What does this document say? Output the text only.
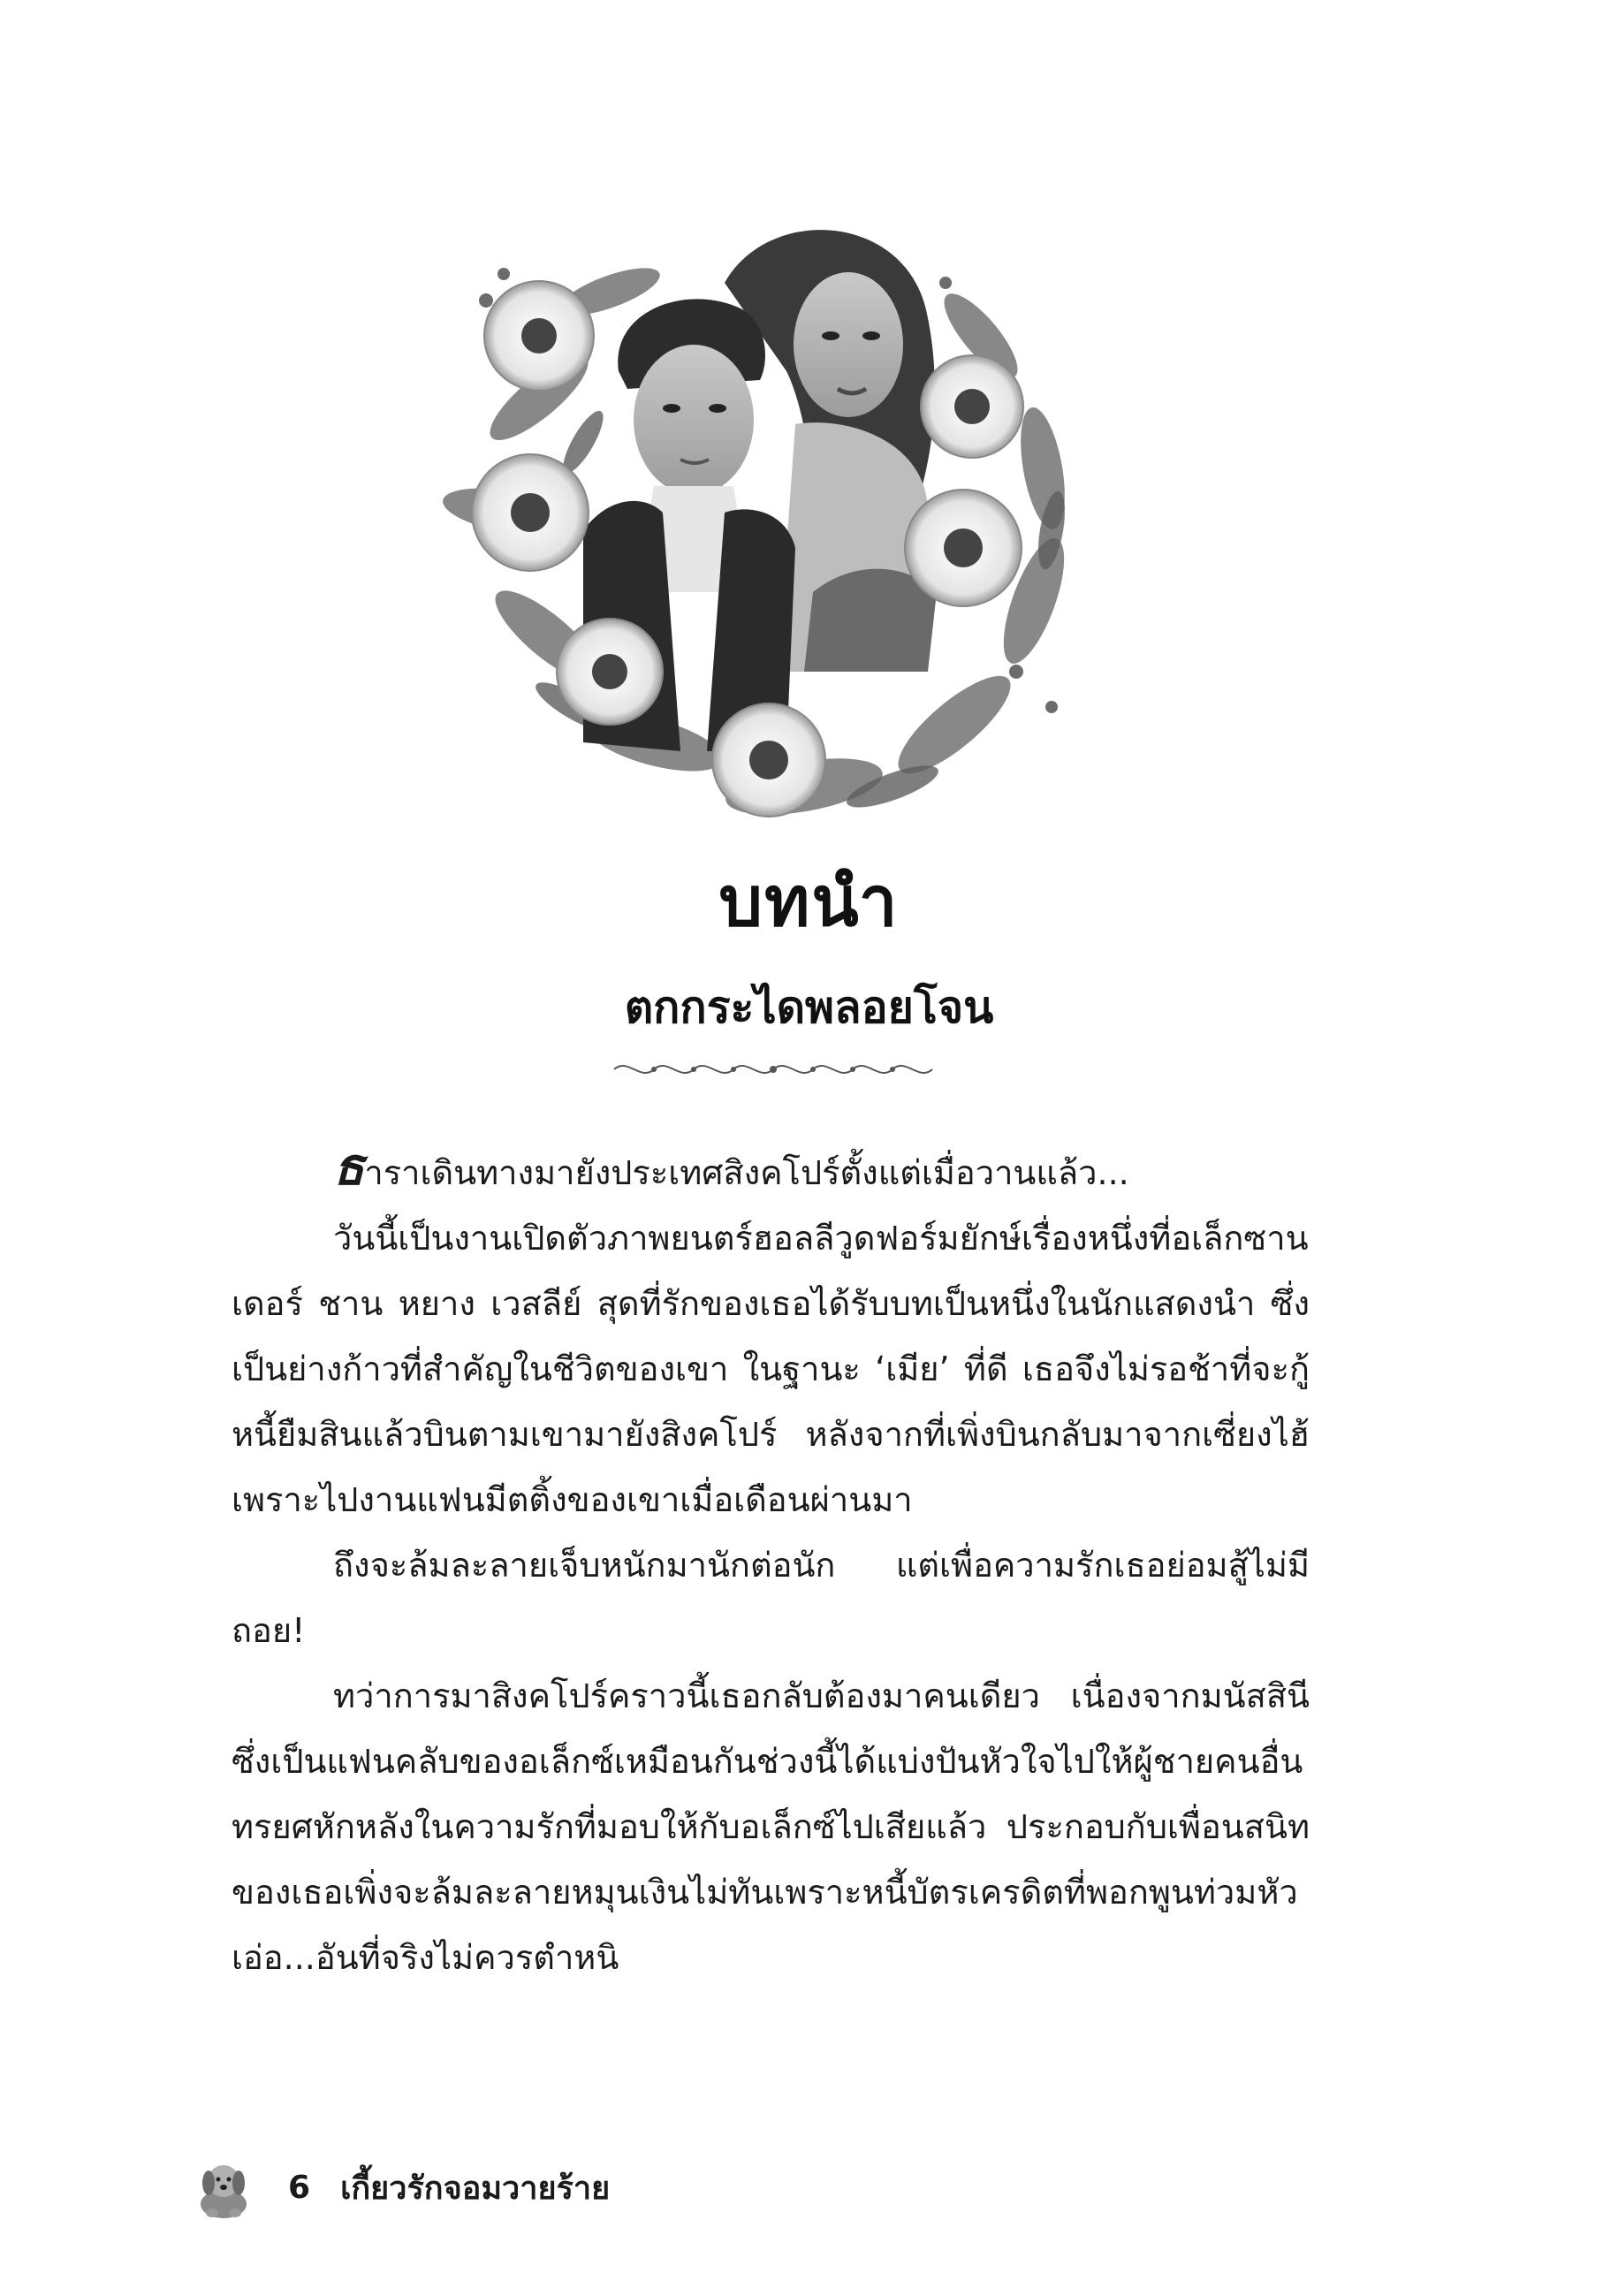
บทนำ
ตกกระไดพลอยโจน

ธาราเดินทางมายังประเทศสิงคโปร์ตั้งแต่เมื่อวานแล้ว...

วันนี้เป็นงานเปิดตัวภาพยนตร์ฮอลลีวูดฟอร์มยักษ์เรื่องหนึ่งที่อเล็กซานเดอร์ ชาน หยาง เวสลีย์ สุดที่รักของเธอได้รับบทเป็นหนึ่งในนักแสดงนำ ซึ่งเป็นย่างก้าวที่สำคัญในชีวิตของเขา ในฐานะ ‘เมีย’ ที่ดี เธอจึงไม่รอช้าที่จะกู้หนี้ยืมสินแล้วบินตามเขามายังสิงคโปร์ หลังจากที่เพิ่งบินกลับมาจากเซี่ยงไฮ้เพราะไปงานแฟนมีตติ้งของเขาเมื่อเดือนผ่านมา

ถึงจะล้มละลายเจ็บหนักมานักต่อนัก แต่เพื่อความรักเธอย่อมสู้ไม่มีถอย!

ทว่าการมาสิงคโปร์คราวนี้เธอกลับต้องมาคนเดียว เนื่องจากมนัสสินีซึ่งเป็นแฟนคลับของอเล็กซ์เหมือนกันช่วงนี้ได้แบ่งปันหัวใจไปให้ผู้ชายคนอื่น ทรยศหักหลังในความรักที่มอบให้กับอเล็กซ์ไปเสียแล้ว ประกอบกับเพื่อนสนิทของเธอเพิ่งจะล้มละลายหมุนเงินไม่ทันเพราะหนี้บัตรเครดิตที่พอกพูนท่วมหัว เอ่อ...อันที่จริงไม่ควรตำหนิ

6 เกี้ยวรักจอมวายร้าย
